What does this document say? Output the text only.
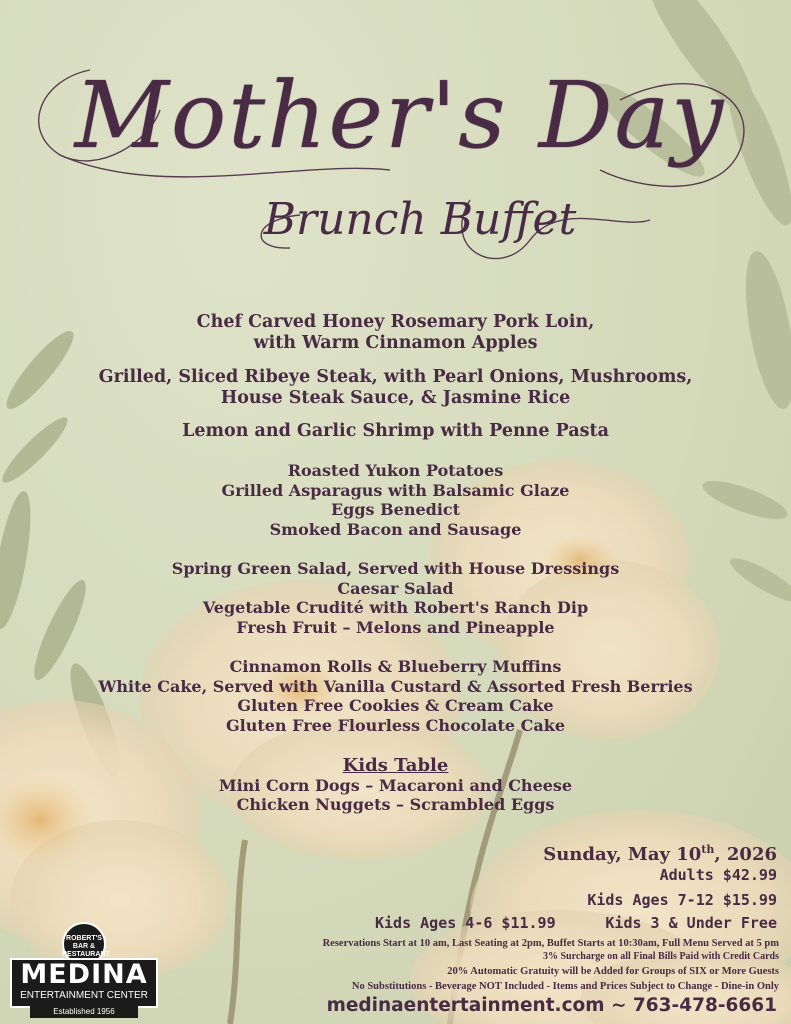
Mother's Day
Brunch Buffet
Chef Carved Honey Rosemary Pork Loin,
with Warm Cinnamon Apples
Grilled, Sliced Ribeye Steak, with Pearl Onions, Mushrooms,
House Steak Sauce, & Jasmine Rice
Lemon and Garlic Shrimp with Penne Pasta
Roasted Yukon Potatoes
Grilled Asparagus with Balsamic Glaze
Eggs Benedict
Smoked Bacon and Sausage
Spring Green Salad, Served with House Dressings
Caesar Salad
Vegetable Crudité with Robert's Ranch Dip
Fresh Fruit – Melons and Pineapple
Cinnamon Rolls & Blueberry Muffins
White Cake, Served with Vanilla Custard & Assorted Fresh Berries
Gluten Free Cookies & Cream Cake
Gluten Free Flourless Chocolate Cake
Kids Table
Mini Corn Dogs – Macaroni and Cheese
Chicken Nuggets – Scrambled Eggs
Sunday, May 10th, 2026
Adults $42.99
Kids Ages 7-12 $15.99
Kids Ages 4-6 $11.99	Kids 3 & Under Free
Reservations Start at 10 am, Last Seating at 2pm, Buffet Starts at 10:30am, Full Menu Served at 5 pm
3% Surcharge on all Final Bills Paid with Credit Cards
20% Automatic Gratuity will be Added for Groups of SIX or More Guests
No Substitutions - Beverage NOT Included - Items and Prices Subject to Change - Dine-in Only
medinaentertainment.com ~ 763-478-6661
ROBERT'S BAR & RESTAURANT
MEDINA
ENTERTAINMENT CENTER
Established 1956
